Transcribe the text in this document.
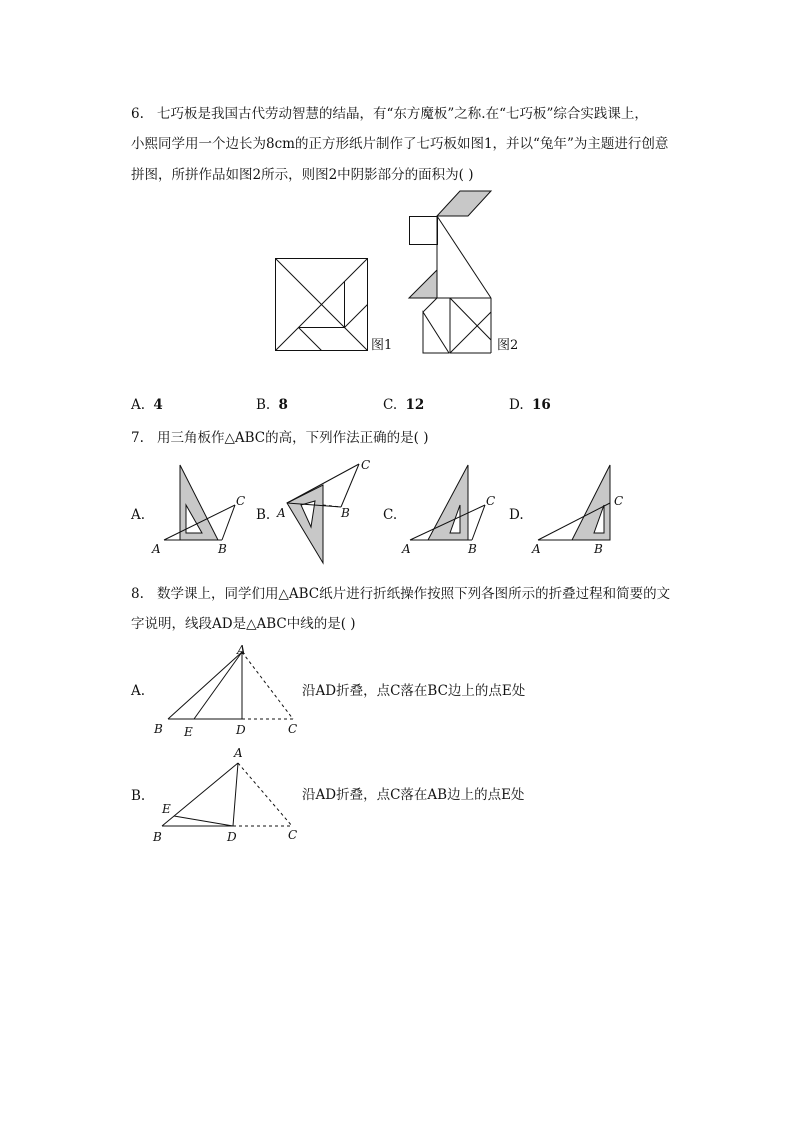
6. 七巧板是我国古代劳动智慧的结晶，有“东方魔板”之称.在“七巧板”综合实践课上，
小熙同学用一个边长为8cm的正方形纸片制作了七巧板如图1，并以“兔年”为主题进行创意
拼图，所拼作品如图2所示，则图2中阴影部分的面积为( )
图1	图2
A. 4	B. 8	C. 12	D. 16
7. 用三角板作△ABC的高，下列作法正确的是( )
A.	B.	C.	D.
A	B
C
A	B
C
A	B
C
A	B
C
8. 数学课上，同学们用△ABC纸片进行折纸操作按照下列各图所示的折叠过程和简要的文
字说明，线段AD是△ABC中线的是( )
A.
A
B E	D	C
沿AD折叠，点C落在BC边上的点E处
B.
A
E
B	D	C
沿AD折叠，点C落在AB边上的点E处
